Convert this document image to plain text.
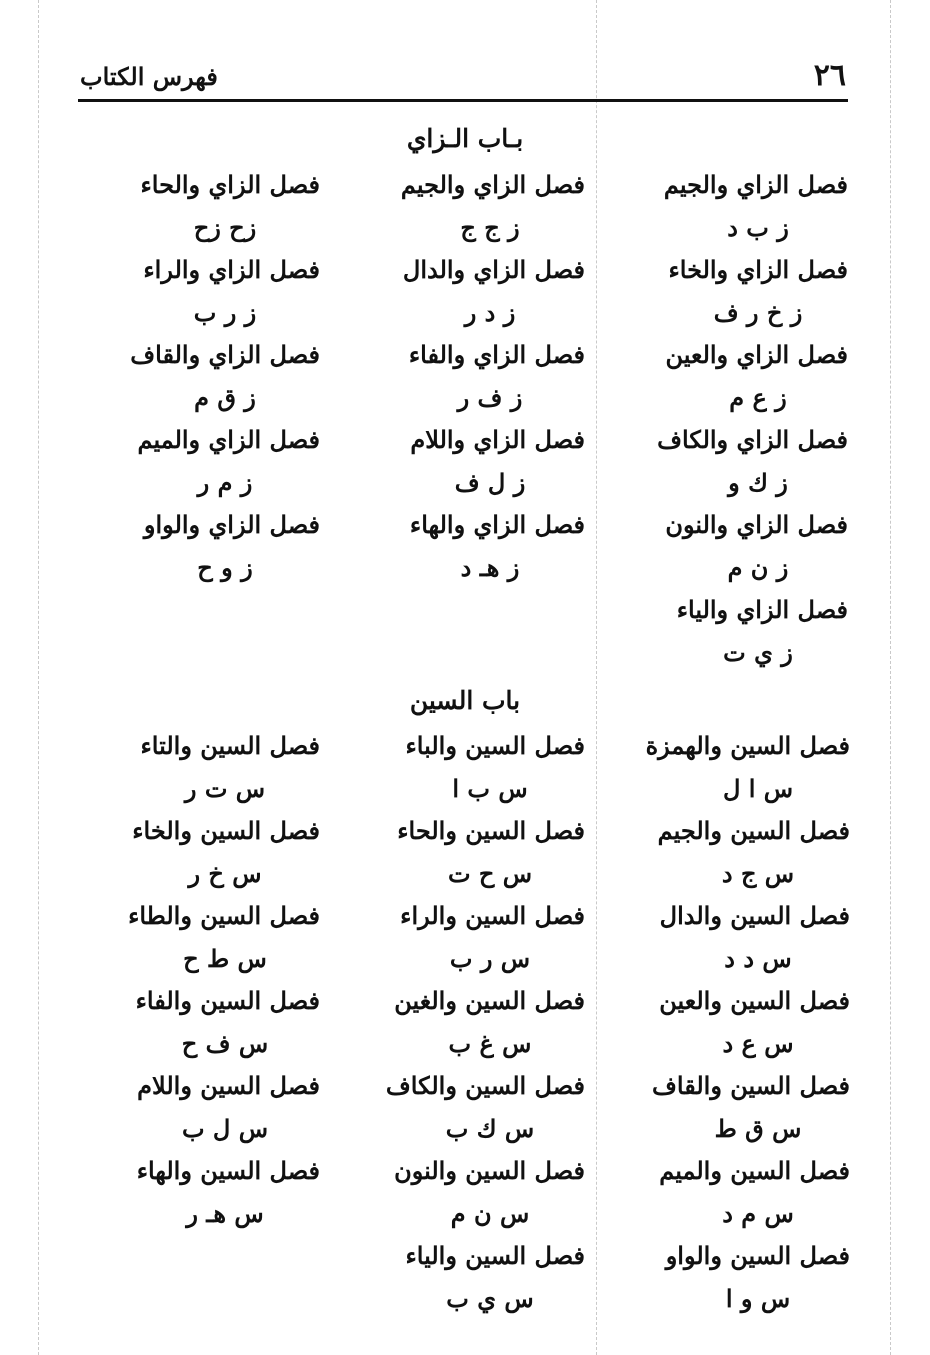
٢٦
فهرس الكتاب
بـاب الـزاي
باب السين
فصل الزاي والجيم
ز ب د
فصل الزاي والخاء
ز خ ر ف
فصل الزاي والعين
ز ع م
فصل الزاي والكاف
ز ك و
فصل الزاي والنون
ز ن م
فصل الزاي والياء
ز ي ت
فصل الزاي والجيم
ز ج ج
فصل الزاي والدال
ز د ر
فصل الزاي والفاء
ز ف ر
فصل الزاي واللام
ز ل ف
فصل الزاي والهاء
ز هـ د
فصل الزاي والحاء
زح زح
فصل الزاي والراء
ز ر ب
فصل الزاي والقاف
ز ق م
فصل الزاي والميم
ز م ر
فصل الزاي والواو
ز و ح
فصل السين والهمزة
س ا ل
فصل السين والجيم
س ج د
فصل السين والدال
س د د
فصل السين والعين
س ع د
فصل السين والقاف
س ق ط
فصل السين والميم
س م د
فصل السين والواو
س و ا
فصل السين والباء
س ب ا
فصل السين والحاء
س ح ت
فصل السين والراء
س ر ب
فصل السين والغين
س غ ب
فصل السين والكاف
س ك ب
فصل السين والنون
س ن م
فصل السين والياء
س ي ب
فصل السين والتاء
س ت ر
فصل السين والخاء
س خ ر
فصل السين والطاء
س ط ح
فصل السين والفاء
س ف ح
فصل السين واللام
س ل ب
فصل السين والهاء
س هـ ر
